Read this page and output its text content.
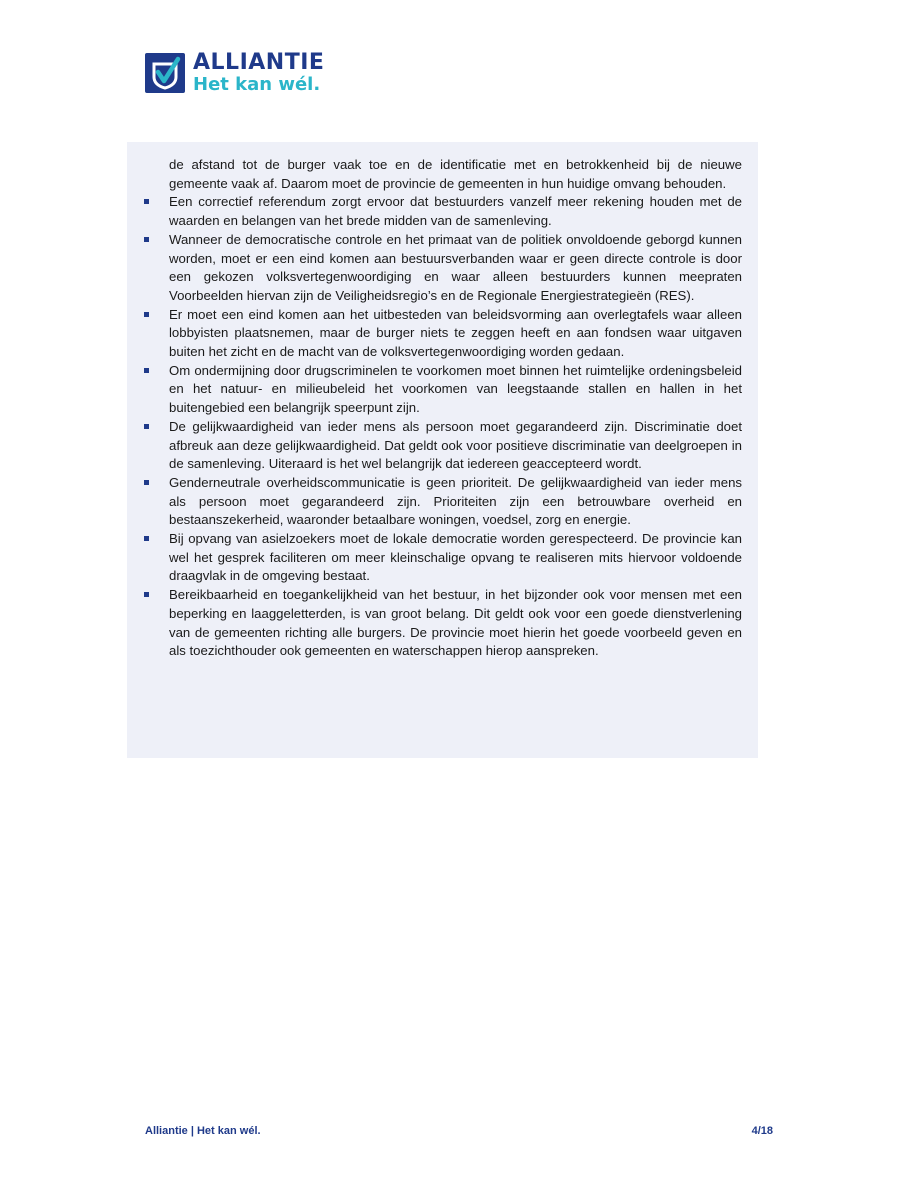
ALLIANTIE
Het kan wél.

de afstand tot de burger vaak toe en de identificatie met en betrokkenheid bij de nieuwe gemeente vaak af. Daarom moet de provincie de gemeenten in hun huidige omvang behouden.

Een correctief referendum zorgt ervoor dat bestuurders vanzelf meer rekening houden met de waarden en belangen van het brede midden van de samenleving.

Wanneer de democratische controle en het primaat van de politiek onvoldoende geborgd kunnen worden, moet er een eind komen aan bestuursverbanden waar er geen directe controle is door een gekozen volksvertegenwoordiging en waar alleen bestuurders kunnen meepraten Voorbeelden hiervan zijn de Veiligheidsregio’s en de Regionale Energiestrategieën (RES).

Er moet een eind komen aan het uitbesteden van beleidsvorming aan overlegtafels waar alleen lobbyisten plaatsnemen, maar de burger niets te zeggen heeft en aan fondsen waar uitgaven buiten het zicht en de macht van de volksvertegenwoordiging worden gedaan.

Om ondermijning door drugscriminelen te voorkomen moet binnen het ruimtelijke ordeningsbeleid en het natuur- en milieubeleid het voorkomen van leegstaande stallen en hallen in het buitengebied een belangrijk speerpunt zijn.

De gelijkwaardigheid van ieder mens als persoon moet gegarandeerd zijn. Discriminatie doet afbreuk aan deze gelijkwaardigheid. Dat geldt ook voor positieve discriminatie van deelgroepen in de samenleving. Uiteraard is het wel belangrijk dat iedereen geaccepteerd wordt.

Genderneutrale overheidscommunicatie is geen prioriteit. De gelijkwaardigheid van ieder mens als persoon moet gegarandeerd zijn. Prioriteiten zijn een betrouwbare overheid en bestaanszekerheid, waaronder betaalbare woningen, voedsel, zorg en energie.

Bij opvang van asielzoekers moet de lokale democratie worden gerespecteerd. De provincie kan wel het gesprek faciliteren om meer kleinschalige opvang te realiseren mits hiervoor voldoende draagvlak in de omgeving bestaat.

Bereikbaarheid en toegankelijkheid van het bestuur, in het bijzonder ook voor mensen met een beperking en laaggeletterden, is van groot belang. Dit geldt ook voor een goede dienstverlening van de gemeenten richting alle burgers. De provincie moet hierin het goede voorbeeld geven en als toezichthouder ook gemeenten en waterschappen hierop aanspreken.

Alliantie | Het kan wél.	4/18
